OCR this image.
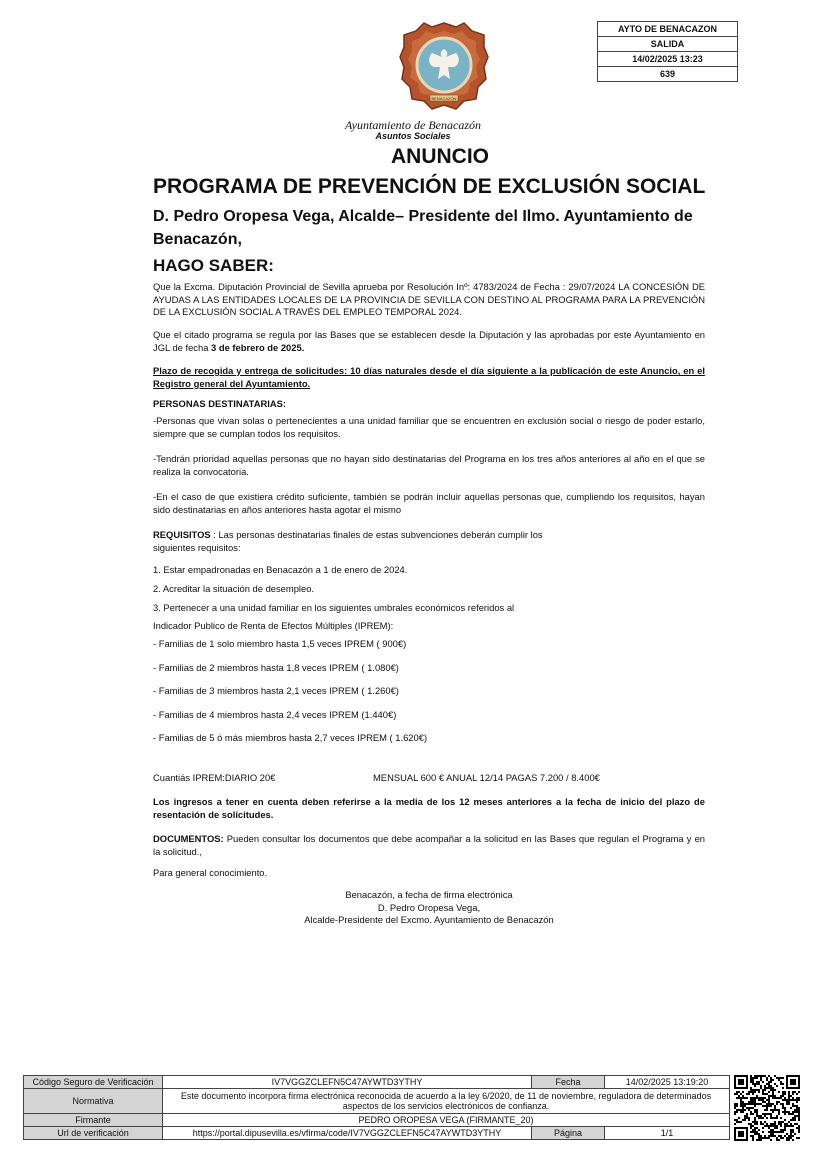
AYTO DE BENACAZON
SALIDA
14/02/2025 13:23
639
BENACAZÓN
Ayuntamiento de Benacazón
Asuntos Sociales
ANUNCIO
PROGRAMA DE PREVENCIÓN DE EXCLUSIÓN SOCIAL
D. Pedro Oropesa Vega, Alcalde– Presidente del Ilmo. Ayuntamiento de Benacazón,
HAGO SABER:
Que la Excma. Diputación Provincial de Sevilla aprueba por Resolución Inº: 4783/2024 de Fecha : 29/07/2024 LA CONCESIÓN DE AYUDAS A LAS ENTIDADES LOCALES DE LA PROVINCIA DE SEVILLA CON DESTINO AL PROGRAMA PARA LA PREVENCIÓN DE LA EXCLUSIÓN SOCIAL A TRAVÉS DEL EMPLEO TEMPORAL 2024.
Que el citado programa se regula por las Bases que se establecen desde la Diputación y las aprobadas por este Ayuntamiento en JGL de fecha 3 de febrero de 2025.
Plazo de recogida y entrega de solicitudes: 10 días naturales desde el día siguiente a la publicación de este Anuncio, en el Registro general del Ayuntamiento.
PERSONAS DESTINATARIAS:
-Personas que vivan solas o pertenecientes a una unidad familiar que se encuentren en exclusión social o riesgo de poder estarlo, siempre que se cumplan todos los requisitos.
-Tendrán prioridad aquellas personas que no hayan sido destinatarias del Programa en los tres años anteriores al año en el que se realiza la convocatoria.
-En el caso de que existiera crédito suficiente, también se podrán incluir aquellas personas que, cumpliendo los requisitos, hayan sido destinatarias en años anteriores hasta agotar el mismo
REQUISITOS : Las personas destinatarias finales de estas subvenciones deberán cumplir los
siguientes requisitos:
1. Estar empadronadas en Benacazón a 1 de enero de 2024.
2. Acreditar la situación de desempleo.
3. Pertenecer a una unidad familiar en los siguientes umbrales económicos referidos al
Indicador Publico de Renta de Efectos Múltiples (IPREM):
- Familias de 1 solo miembro hasta 1,5 veces IPREM ( 900€)
- Familias de 2 miembros hasta 1,8 veces IPREM ( 1.080€)
- Familias de 3 miembros hasta 2,1 veces IPREM ( 1.260€)
- Familias de 4 miembros hasta 2,4 veces IPREM (1.440€)
- Familias de 5 ó más miembros hasta 2,7 veces IPREM ( 1.620€)
Cuantiás IPREM:DIARIO 20€	MENSUAL 600 € ANUAL 12/14 PAGAS 7.200 / 8.400€
Los ingresos a tener en cuenta deben referirse a la media de los 12 meses anteriores a la fecha de inicio del plazo de resentación de solicitudes.
DOCUMENTOS: Pueden consultar los documentos que debe acompañar a la solicitud en las Bases que regulan el Programa y en la solicitud.,
Para general conocimiento.
Benacazón, a fecha de firma electrónica
D. Pedro Oropesa Vega,
Alcalde-Presidente del Excmo. Ayuntamiento de Benacazón
Código Seguro de Verificación	IV7VGGZCLEFN5C47AYWTD3YTHY	Fecha	14/02/2025 13:19:20
Normativa	Este documento incorpora firma electrónica reconocida de acuerdo a la ley 6/2020, de 11 de noviembre, reguladora de determinados aspectos de los servicios electrónicos de confianza.		
Firmante	PEDRO OROPESA VEGA (FIRMANTE_20)		
Url de verificación	https://portal.dipusevilla.es/vfirma/code/IV7VGGZCLEFN5C47AYWTD3YTHY	Página	1/1
